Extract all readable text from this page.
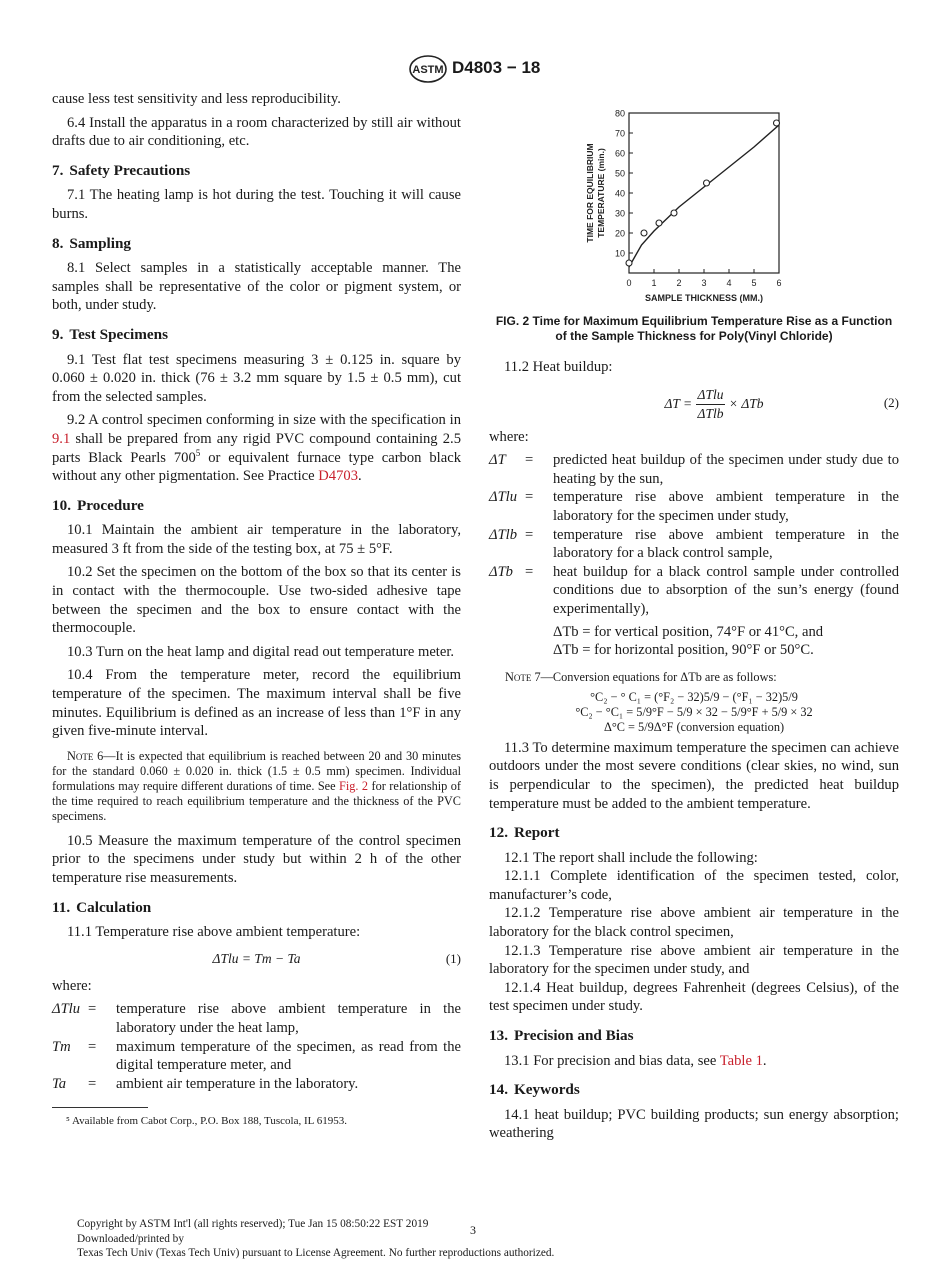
ASTM D4803 − 18

cause less test sensitivity and less reproducibility.

6.4 Install the apparatus in a room characterized by still air without drafts due to air conditioning, etc.

7. Safety Precautions

7.1 The heating lamp is hot during the test. Touching it will cause burns.

8. Sampling

8.1 Select samples in a statistically acceptable manner. The samples shall be representative of the color or pigment system, or both, under study.

9. Test Specimens

9.1 Test flat test specimens measuring 3 ± 0.125 in. square by 0.060 ± 0.020 in. thick (76 ± 3.2 mm square by 1.5 ± 0.5 mm), cut from the selected samples.

9.2 A control specimen conforming in size with the specification in 9.1 shall be prepared from any rigid PVC compound containing 2.5 parts Black Pearls $700^5$ or equivalent furnace type carbon black without any other pigmentation. See Practice D4703.

10. Procedure

10.1 Maintain the ambient air temperature in the laboratory, measured 3 ft from the side of the testing box, at 75 ± 5°F.

10.2 Set the specimen on the bottom of the box so that its center is in contact with the thermocouple. Use two-sided adhesive tape between the specimen and the box to ensure contact with the thermocouple.

10.3 Turn on the heat lamp and digital read out temperature meter.

10.4 From the temperature meter, record the equilibrium temperature of the specimen. The maximum interval shall be five minutes. Equilibrium is defined as an increase of less than 1°F in any given five-minute interval.

Note 6—It is expected that equilibrium is reached between 20 and 30 minutes for the standard 0.060 ± 0.020 in. thick (1.5 ± 0.5 mm) specimen. Individual formulations may require different durations of time. See Fig. 2 for relationship of the time required to reach equilibrium temperature and the thickness of the PVC specimens.

10.5 Measure the maximum temperature of the control specimen prior to the specimens under study but within 2 h of the other temperature rise measurements.

11. Calculation

11.1 Temperature rise above ambient temperature:

ΔTlu = Tm − Ta	(1)

where:

ΔTlu =	temperature rise above ambient temperature in the laboratory under the heat lamp,
Tm	=	maximum temperature of the specimen, as read from the digital temperature meter, and
Ta	=	ambient air temperature in the laboratory.

⁵ Available from Cabot Corp., P.O. Box 188, Tuscola, IL 61953.

10
20
30
40
50
60
70
80
0 1 2 3 4 5 6
SAMPLE THICKNESS (MM.)
TIME FOR EQUILIBRIUM TEMPERATURE (min.)

FIG. 2 Time for Maximum Equilibrium Temperature Rise as a Function of the Sample Thickness for Poly(Vinyl Chloride)

11.2 Heat buildup:

$\Delta T = \frac{\text{ΔTlu}}{\text{ΔTlb}} \times \Delta Tb$	(2)

where:

ΔT	=	predicted heat buildup of the specimen under study due to heating by the sun,
ΔTlu =	temperature rise above ambient temperature in the laboratory for the specimen under study,
ΔTlb =	temperature rise above ambient temperature in the laboratory for a black control sample,
ΔTb =	heat buildup for a black control sample under controlled conditions due to absorption of the sun’s energy (found experimentally),
ΔTb = for vertical position, 74°F or 41°C, and
ΔTb = for horizontal position, 90°F or 50°C.

Note 7—Conversion equations for ΔTb are as follows:

°C₂ − ° C₁ = (°F₂ − 32)5/9 − (°F₁ − 32)5/9

°C₂ − °C₁ = 5/9°F − 5/9 × 32 − 5/9°F + 5/9 × 32

Δ°C = 5/9Δ°F (conversion equation)

11.3 To determine maximum temperature the specimen can achieve outdoors under the most severe conditions (clear skies, no wind, sun is perpendicular to the specimen), the predicted heat buildup temperature must be added to the ambient temperature.

12. Report

12.1 The report shall include the following:

12.1.1 Complete identification of the specimen tested, color, manufacturer’s code,

12.1.2 Temperature rise above ambient air temperature in the laboratory for the black control specimen,

12.1.3 Temperature rise above ambient air temperature in the laboratory for the specimen under study, and

12.1.4 Heat buildup, degrees Fahrenheit (degrees Celsius), of the test specimen under study.

13. Precision and Bias

13.1 For precision and bias data, see Table 1.

14. Keywords

14.1 heat buildup; PVC building products; sun energy absorption; weathering

Copyright by ASTM Int'l (all rights reserved); Tue Jan 15 08:50:22 EST 2019
Downloaded/printed by
Texas Tech Univ (Texas Tech Univ) pursuant to License Agreement. No further reproductions authorized.
3
